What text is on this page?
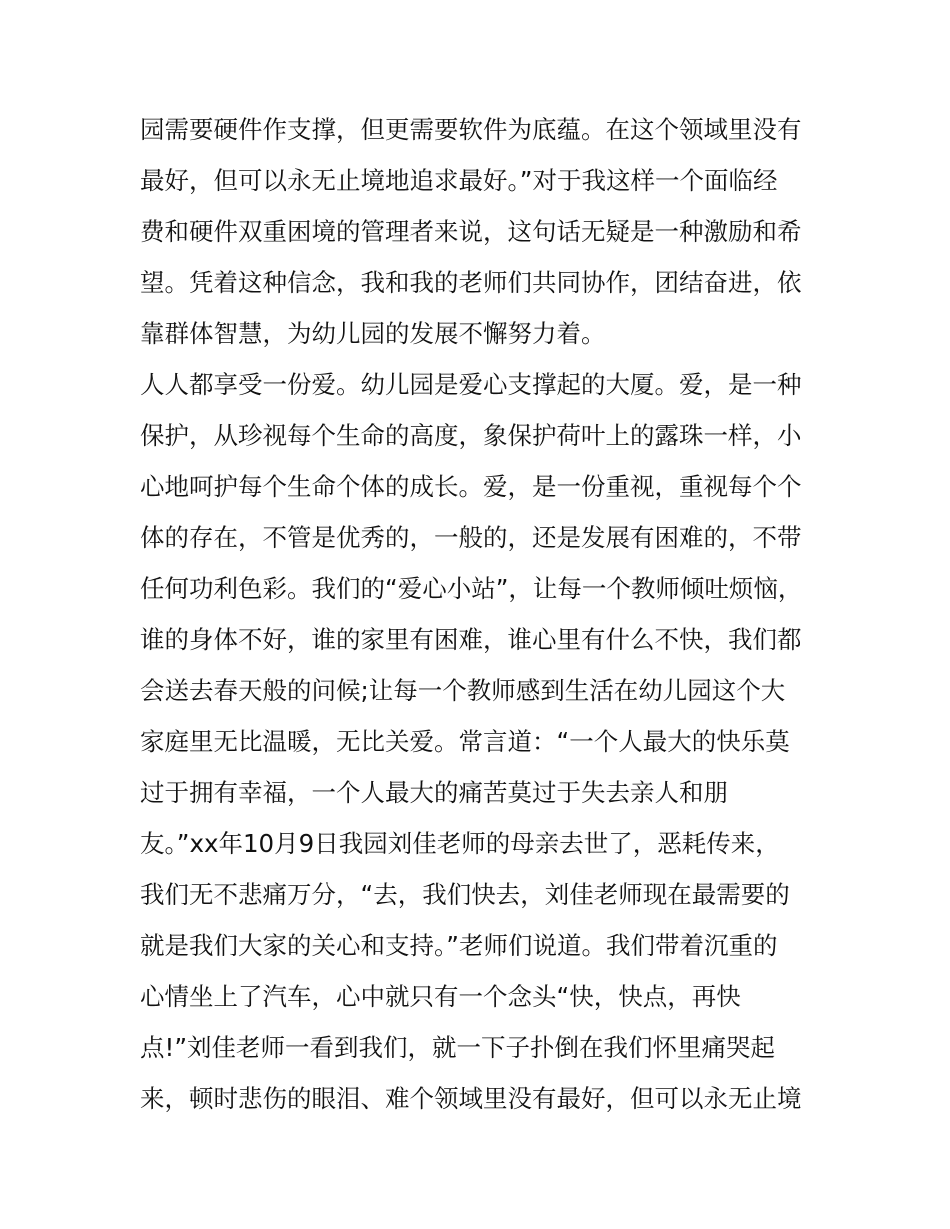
园需要硬件作支撑，但更需要软件为底蕴。在这个领域里没有
最好，但可以永无止境地追求最好。”对于我这样一个面临经
费和硬件双重困境的管理者来说，这句话无疑是一种激励和希
望。凭着这种信念，我和我的老师们共同协作，团结奋进，依
靠群体智慧，为幼儿园的发展不懈努力着。
人人都享受一份爱。幼儿园是爱心支撑起的大厦。爱，是一种
保护，从珍视每个生命的高度，象保护荷叶上的露珠一样，小
心地呵护每个生命个体的成长。爱，是一份重视，重视每个个
体的存在，不管是优秀的，一般的，还是发展有困难的，不带
任何功利色彩。我们的“爱心小站”，让每一个教师倾吐烦恼，
谁的身体不好，谁的家里有困难，谁心里有什么不快，我们都
会送去春天般的问候;让每一个教师感到生活在幼儿园这个大
家庭里无比温暖，无比关爱。常言道：“一个人最大的快乐莫
过于拥有幸福，一个人最大的痛苦莫过于失去亲人和朋
友。”xx年10月9日我园刘佳老师的母亲去世了，恶耗传来，
我们无不悲痛万分，“去，我们快去，刘佳老师现在最需要的
就是我们大家的关心和支持。”老师们说道。我们带着沉重的
心情坐上了汽车，心中就只有一个念头“快，快点，再快
点!”刘佳老师一看到我们，就一下子扑倒在我们怀里痛哭起
来，顿时悲伤的眼泪、难个领域里没有最好，但可以永无止境
